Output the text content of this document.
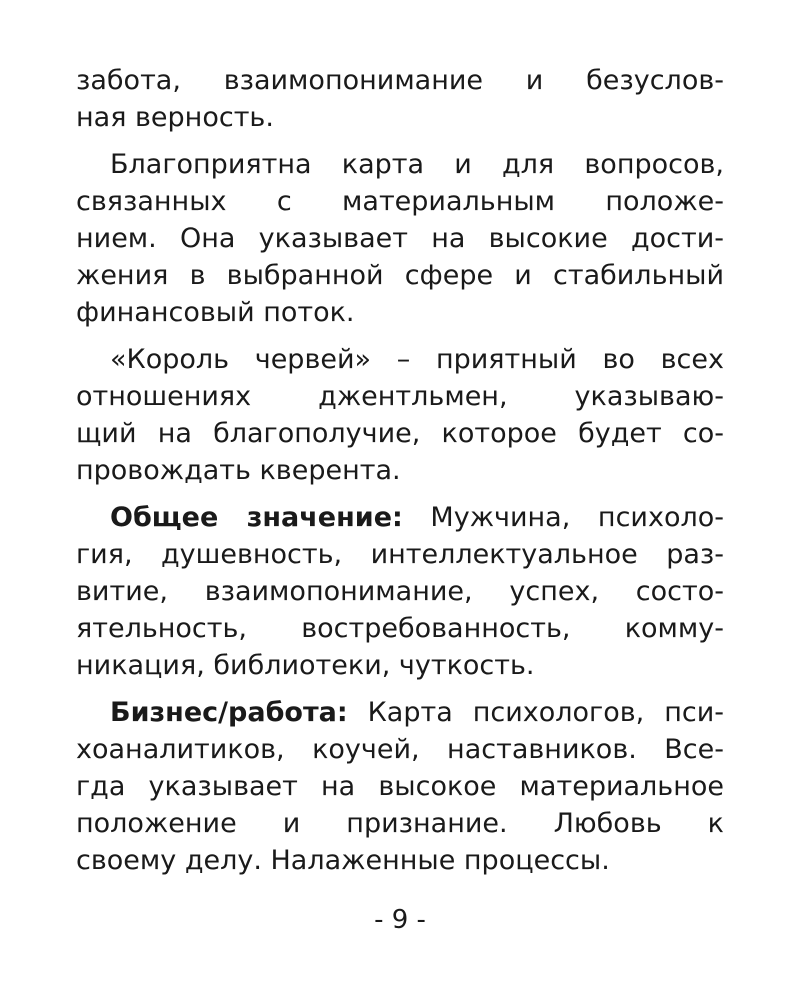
забота, взаимопонимание и безуслов-
ная верность.
Благоприятна карта и для вопросов,
связанных с материальным положе-
нием. Она указывает на высокие дости-
жения в выбранной сфере и стабильный
финансовый поток.
«Король червей» – приятный во всех
отношениях джентльмен, указываю-
щий на благополучие, которое будет со-
провождать кверента.
Общее значение: Мужчина, психоло-
гия, душевность, интеллектуальное раз-
витие, взаимопонимание, успех, состо-
ятельность, востребованность, комму-
никация, библиотеки, чуткость.
Бизнес/работа: Карта психологов, пси-
хоаналитиков, коучей, наставников. Все-
гда указывает на высокое материальное
положение и признание. Любовь к
своему делу. Налаженные процессы.
- 9 -
